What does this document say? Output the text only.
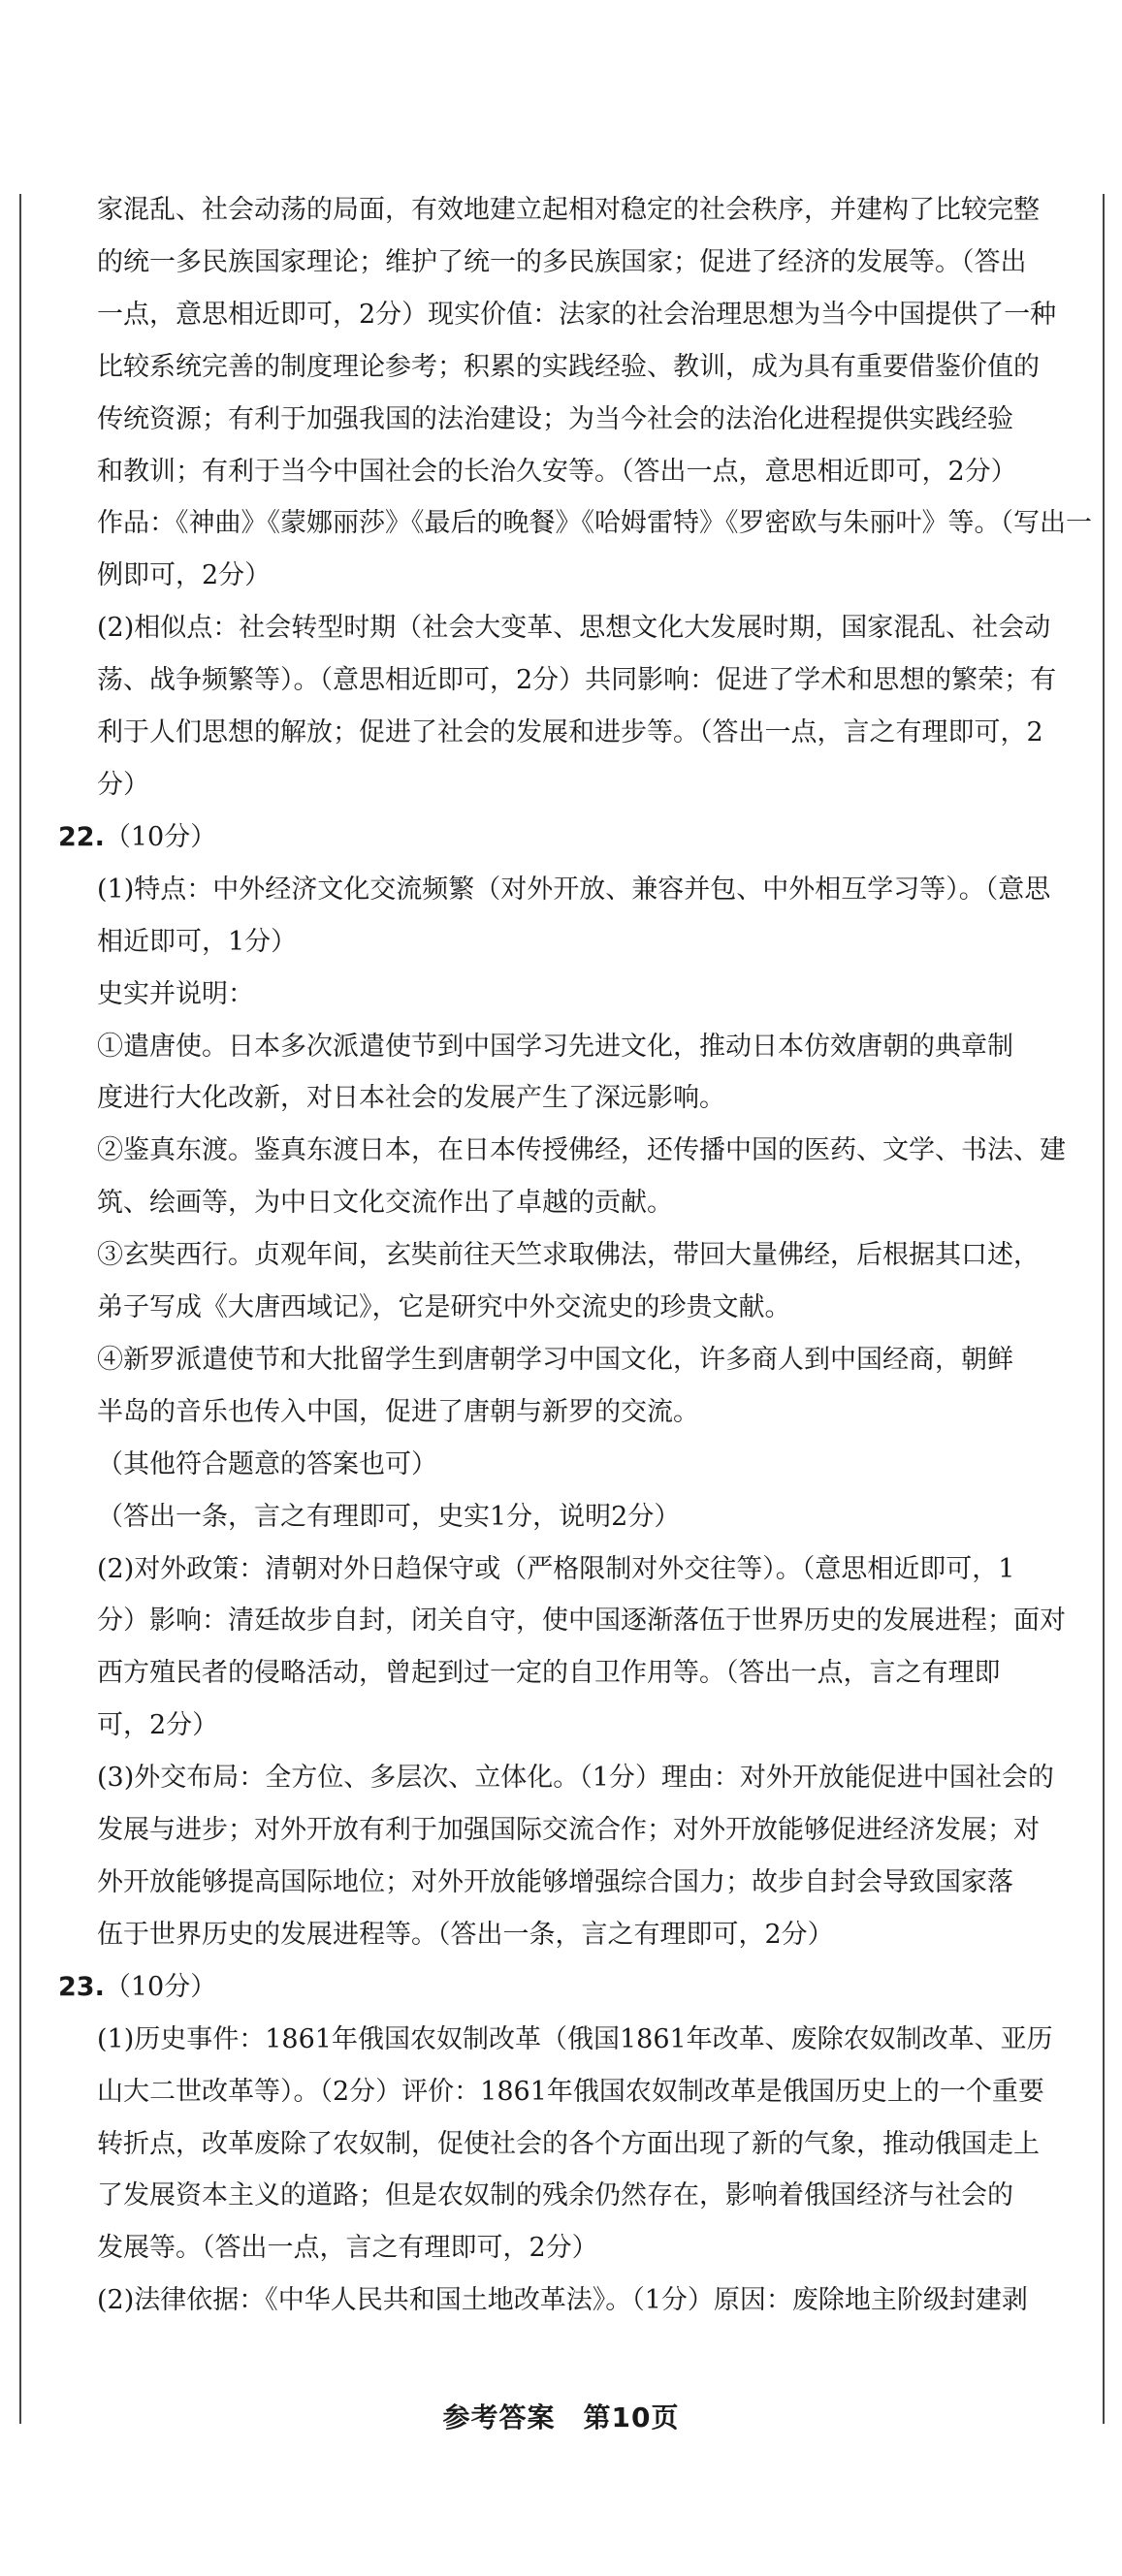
家混乱、社会动荡的局面，有效地建立起相对稳定的社会秩序，并建构了比较完整
的统一多民族国家理论；维护了统一的多民族国家；促进了经济的发展等。（答出
一点，意思相近即可，2分）现实价值：法家的社会治理思想为当今中国提供了一种
比较系统完善的制度理论参考；积累的实践经验、教训，成为具有重要借鉴价值的
传统资源；有利于加强我国的法治建设；为当今社会的法治化进程提供实践经验
和教训；有利于当今中国社会的长治久安等。（答出一点，意思相近即可，2分）
作品：《神曲》《蒙娜丽莎》《最后的晚餐》《哈姆雷特》《罗密欧与朱丽叶》等。（写出一
例即可，2分）
(2)相似点：社会转型时期（社会大变革、思想文化大发展时期，国家混乱、社会动
荡、战争频繁等）。（意思相近即可，2分）共同影响：促进了学术和思想的繁荣；有
利于人们思想的解放；促进了社会的发展和进步等。（答出一点，言之有理即可，2
分）
22.（10分）
(1)特点：中外经济文化交流频繁（对外开放、兼容并包、中外相互学习等）。（意思
相近即可，1分）
史实并说明：
①遣唐使。日本多次派遣使节到中国学习先进文化，推动日本仿效唐朝的典章制
度进行大化改新，对日本社会的发展产生了深远影响。
②鉴真东渡。鉴真东渡日本，在日本传授佛经，还传播中国的医药、文学、书法、建
筑、绘画等，为中日文化交流作出了卓越的贡献。
③玄奘西行。贞观年间，玄奘前往天竺求取佛法，带回大量佛经，后根据其口述，
弟子写成《大唐西域记》，它是研究中外交流史的珍贵文献。
④新罗派遣使节和大批留学生到唐朝学习中国文化，许多商人到中国经商，朝鲜
半岛的音乐也传入中国，促进了唐朝与新罗的交流。
（其他符合题意的答案也可）
（答出一条，言之有理即可，史实1分，说明2分）
(2)对外政策：清朝对外日趋保守或（严格限制对外交往等）。（意思相近即可，1
分）影响：清廷故步自封，闭关自守，使中国逐渐落伍于世界历史的发展进程；面对
西方殖民者的侵略活动，曾起到过一定的自卫作用等。（答出一点，言之有理即
可，2分）
(3)外交布局：全方位、多层次、立体化。（1分）理由：对外开放能促进中国社会的
发展与进步；对外开放有利于加强国际交流合作；对外开放能够促进经济发展；对
外开放能够提高国际地位；对外开放能够增强综合国力；故步自封会导致国家落
伍于世界历史的发展进程等。（答出一条，言之有理即可，2分）
23.（10分）
(1)历史事件：1861年俄国农奴制改革（俄国1861年改革、废除农奴制改革、亚历
山大二世改革等）。（2分）评价：1861年俄国农奴制改革是俄国历史上的一个重要
转折点，改革废除了农奴制，促使社会的各个方面出现了新的气象，推动俄国走上
了发展资本主义的道路；但是农奴制的残余仍然存在，影响着俄国经济与社会的
发展等。（答出一点，言之有理即可，2分）
(2)法律依据：《中华人民共和国土地改革法》。（1分）原因：废除地主阶级封建剥
参考答案　第10页
